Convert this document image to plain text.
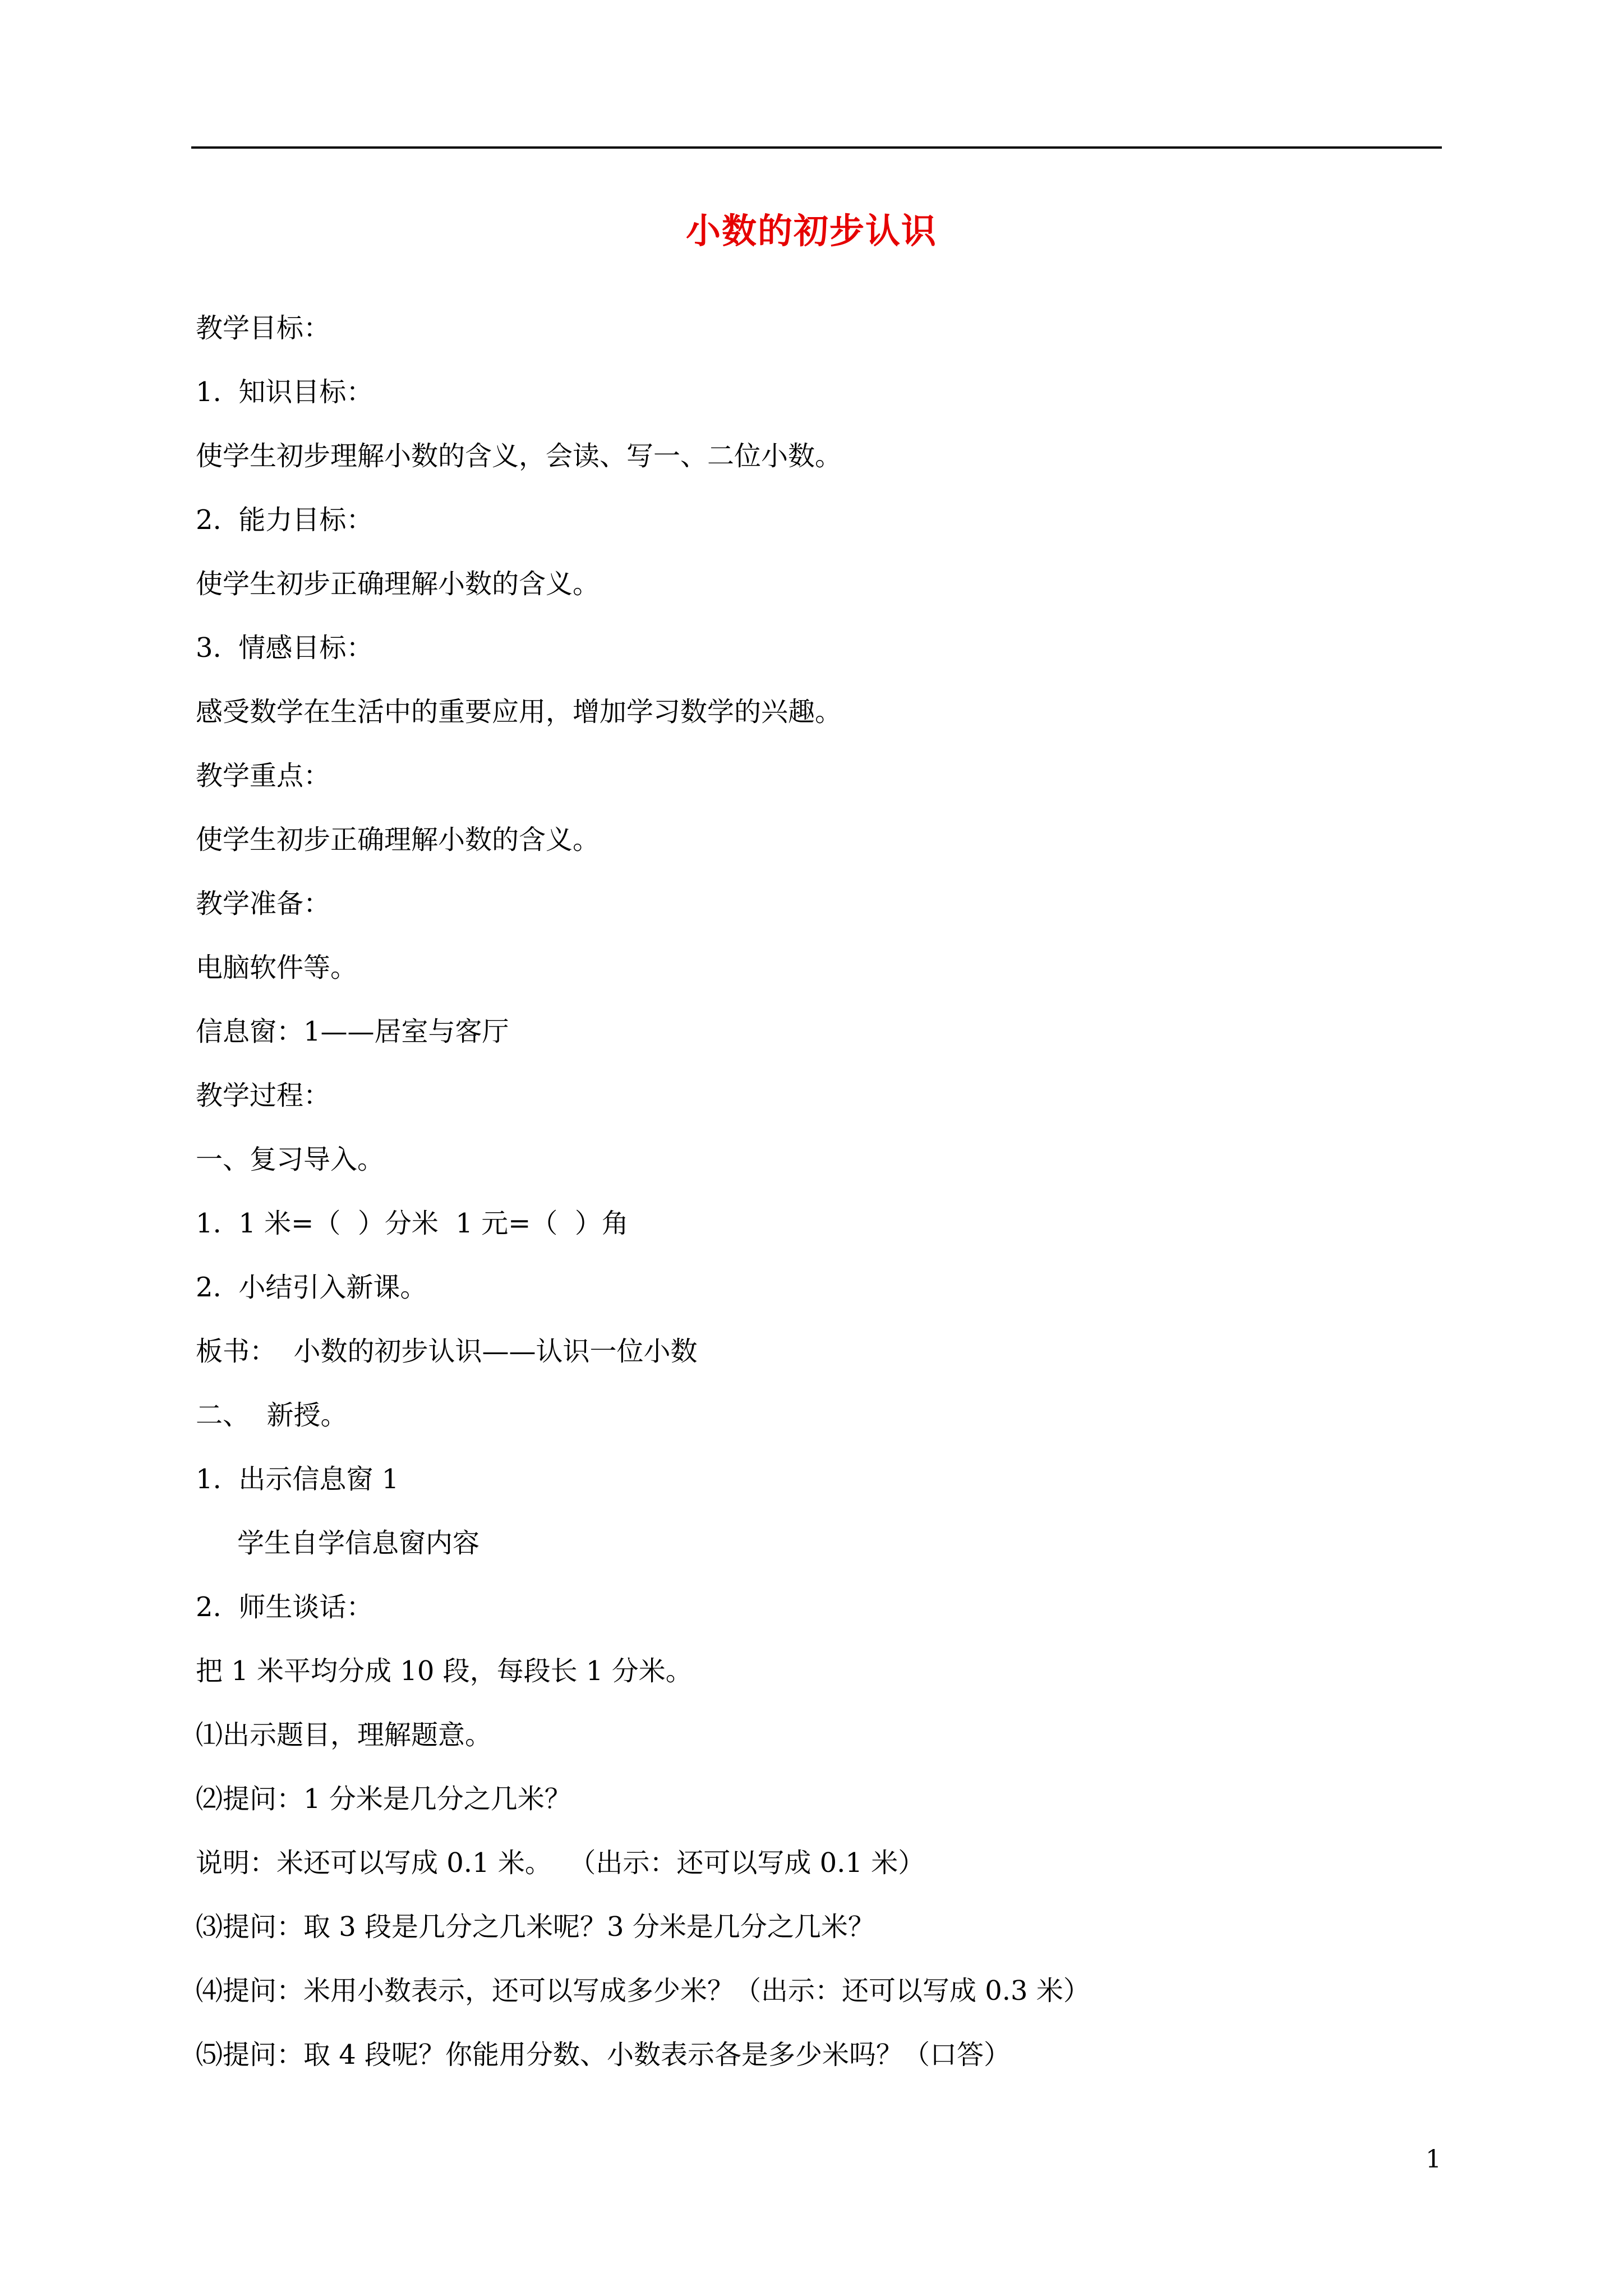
小数的初步认识
教学目标：
1.  知识目标：
使学生初步理解小数的含义，会读、写一、二位小数。
2.  能力目标：
使学生初步正确理解小数的含义。
3.  情感目标：
感受数学在生活中的重要应用，增加学习数学的兴趣。
教学重点：
使学生初步正确理解小数的含义。
教学准备：
电脑软件等。
信息窗：1——居室与客厅
教学过程：
一、复习导入。
1.  1 米=（  ）分米  1 元=（  ）角
2.  小结引入新课。
板书：  小数的初步认识——认识一位小数
二、  新授。
1.  出示信息窗 1
学生自学信息窗内容
2.  师生谈话：
把 1 米平均分成 10 段，每段长 1 分米。
⑴出示题目，理解题意。
⑵提问：1 分米是几分之几米？
说明：米还可以写成 0.1 米。  （出示：还可以写成 0.1 米）
⑶提问：取 3 段是几分之几米呢？3 分米是几分之几米？
⑷提问：米用小数表示，还可以写成多少米？（出示：还可以写成 0.3 米）
⑸提问：取 4 段呢？你能用分数、小数表示各是多少米吗？（口答）
1
